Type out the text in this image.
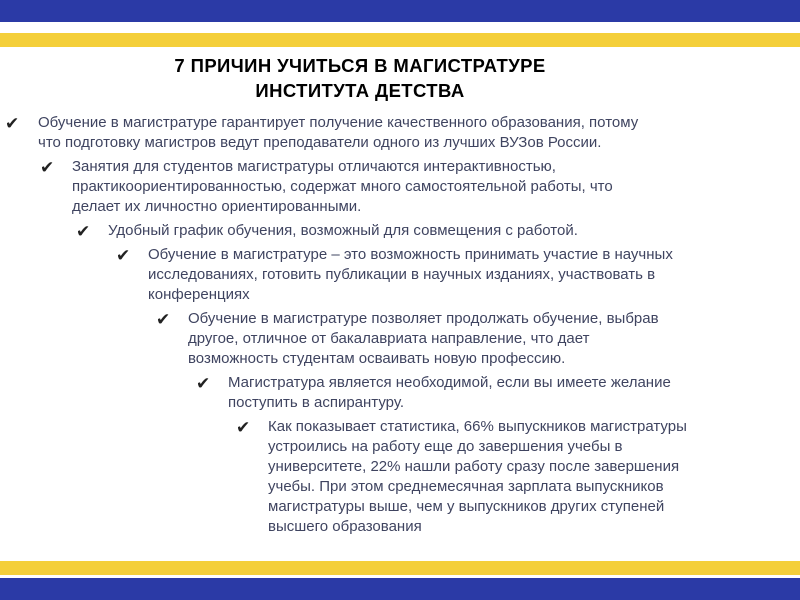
7 ПРИЧИН УЧИТЬСЯ В МАГИСТРАТУРЕ
ИНСТИТУТА ДЕТСТВА
✔ Обучение в магистратуре гарантирует получение качественного образования, потому
что подготовку магистров ведут преподаватели одного из лучших ВУЗов России.
✔ Занятия для студентов магистратуры отличаются интерактивностью,
практикоориентированностью, содержат много самостоятельной работы, что
делает их личностно ориентированными.
✔ Удобный график обучения, возможный для совмещения с работой.
✔ Обучение в магистратуре – это возможность принимать участие в научных
исследованиях, готовить публикации в научных изданиях, участвовать в
конференциях
✔ Обучение в магистратуре позволяет продолжать обучение, выбрав
другое, отличное от бакалавриата направление, что дает
возможность студентам осваивать новую профессию.
✔ Магистратура является необходимой, если вы имеете желание
поступить в аспирантуру.
✔ Как показывает статистика, 66% выпускников магистратуры
устроились на работу еще до завершения учебы в
университете, 22% нашли работу сразу после завершения
учебы. При этом среднемесячная зарплата выпускников
магистратуры выше, чем у выпускников других ступеней
высшего образования
